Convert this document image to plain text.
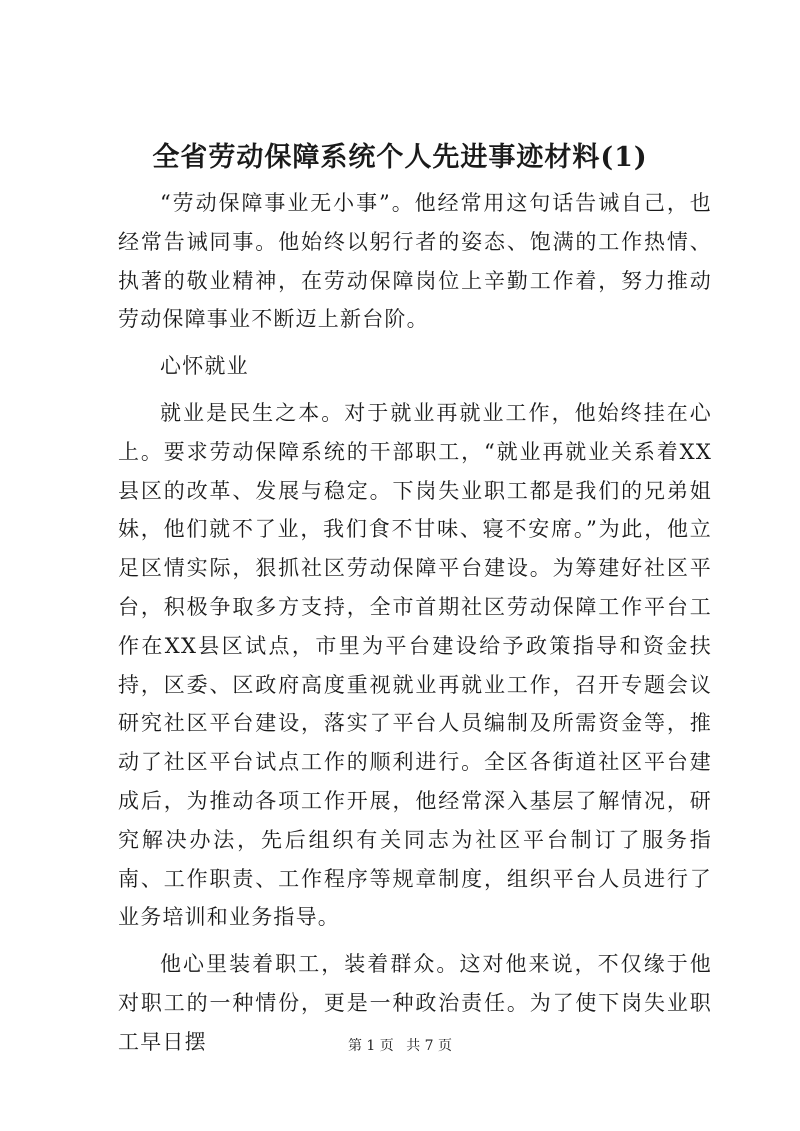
全省劳动保障系统个人先进事迹材料(1)

“劳动保障事业无小事”。他经常用这句话告诫自己，也经常告诫同事。他始终以躬行者的姿态、饱满的工作热情、执著的敬业精神，在劳动保障岗位上辛勤工作着，努力推动劳动保障事业不断迈上新台阶。

心怀就业

就业是民生之本。对于就业再就业工作，他始终挂在心上。要求劳动保障系统的干部职工，“就业再就业关系着XX县区的改革、发展与稳定。下岗失业职工都是我们的兄弟姐妹，他们就不了业，我们食不甘味、寝不安席。”为此，他立足区情实际，狠抓社区劳动保障平台建设。为筹建好社区平台，积极争取多方支持，全市首期社区劳动保障工作平台工作在XX县区试点，市里为平台建设给予政策指导和资金扶持，区委、区政府高度重视就业再就业工作，召开专题会议研究社区平台建设，落实了平台人员编制及所需资金等，推动了社区平台试点工作的顺利进行。全区各街道社区平台建成后，为推动各项工作开展，他经常深入基层了解情况，研究解决办法，先后组织有关同志为社区平台制订了服务指南、工作职责、工作程序等规章制度，组织平台人员进行了业务培训和业务指导。

他心里装着职工，装着群众。这对他来说，不仅缘于他对职工的一种情份，更是一种政治责任。为了使下岗失业职工早日摆	第 1 页 共 7 页
